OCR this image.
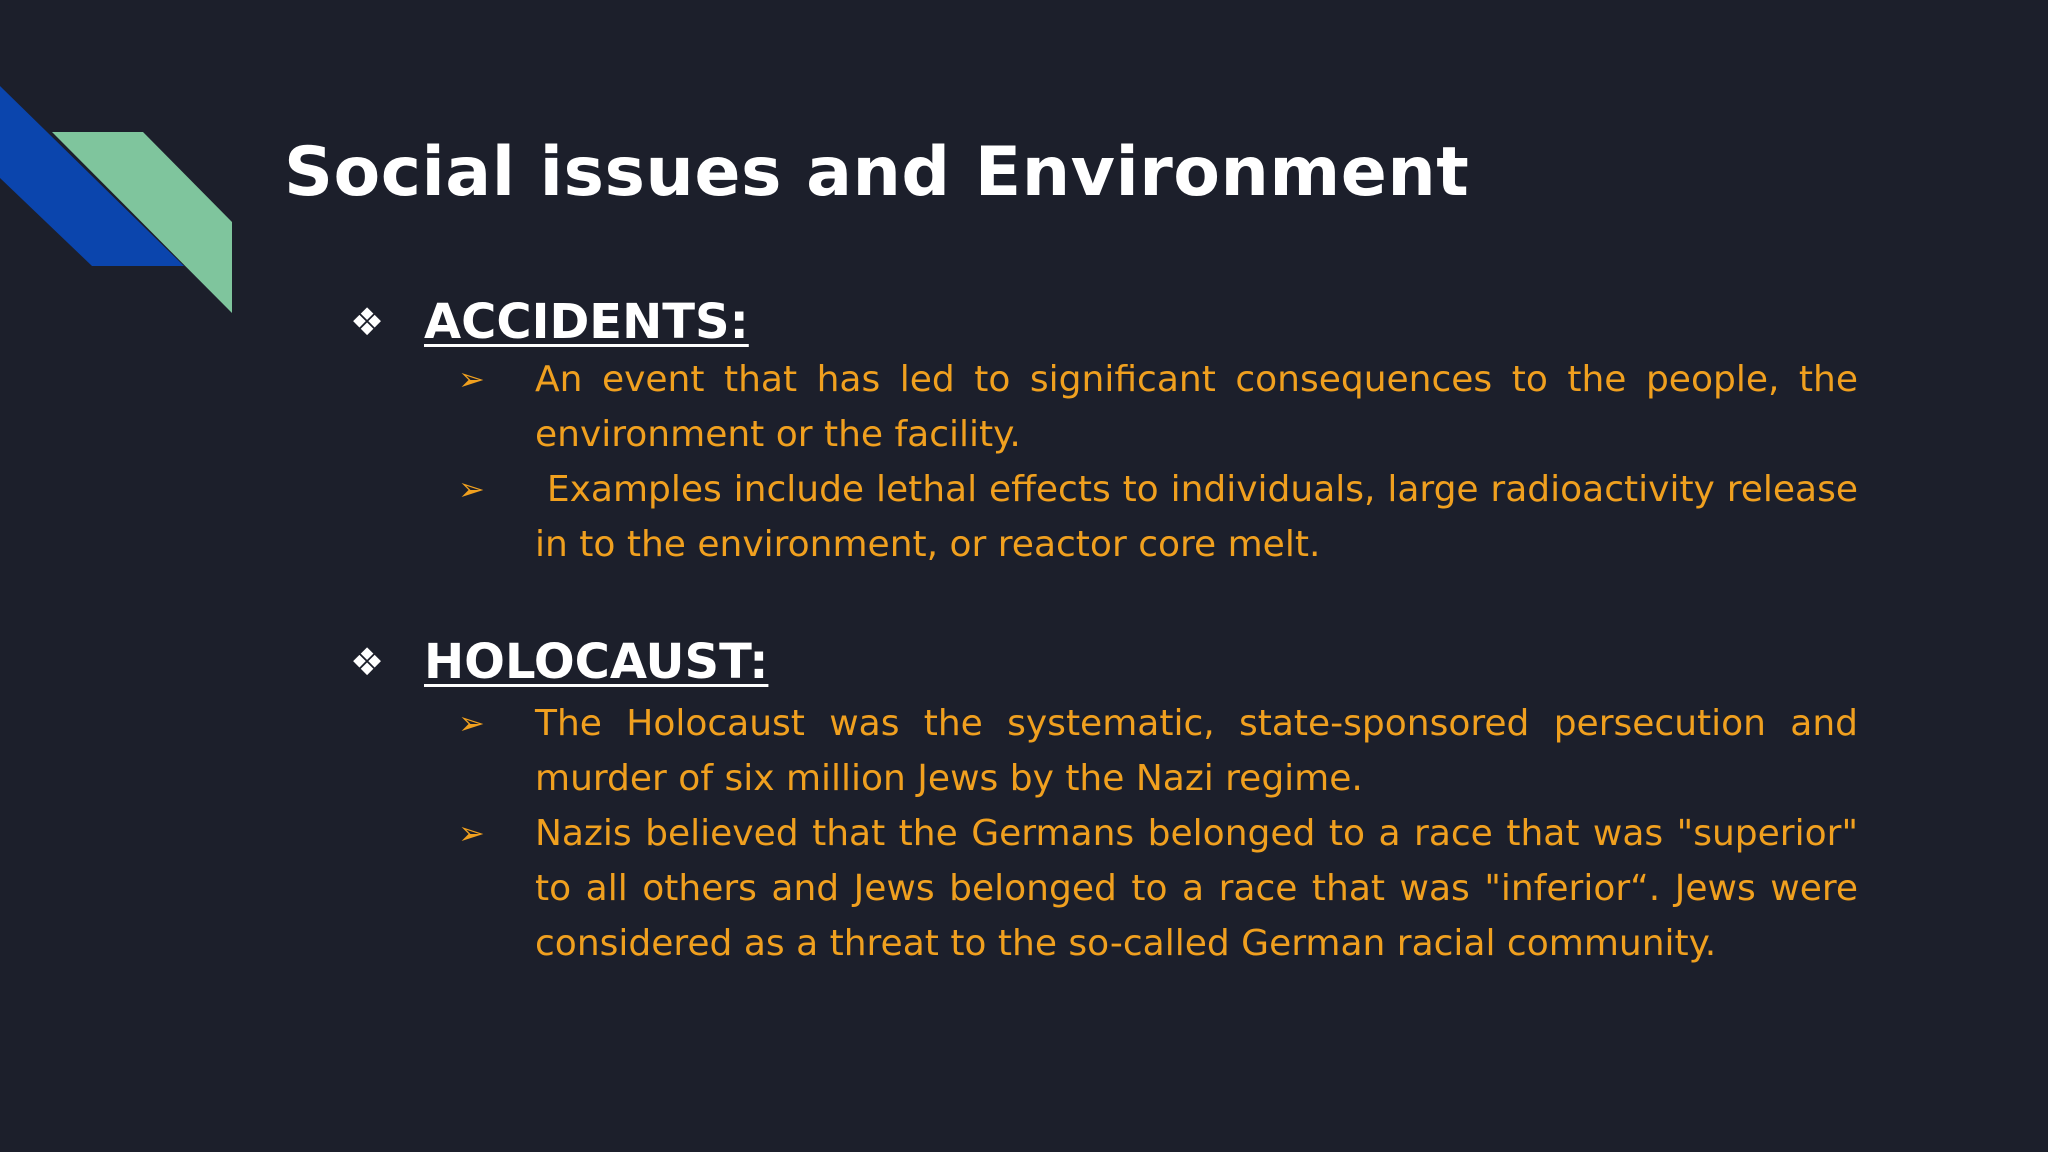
Social issues and Environment
❖ ACCIDENTS:
➢	An event that has led to significant consequences to the people, the environment or the facility.
➢	Examples include lethal effects to individuals, large radioactivity release in to the environment, or reactor core melt.
❖ HOLOCAUST:
➢	The Holocaust was the systematic, state-sponsored persecution and murder of six million Jews by the Nazi regime.
➢	Nazis believed that the Germans belonged to a race that was "superior" to all others and Jews belonged to a race that was "inferior“. Jews were considered as a threat to the so-called German racial community.
